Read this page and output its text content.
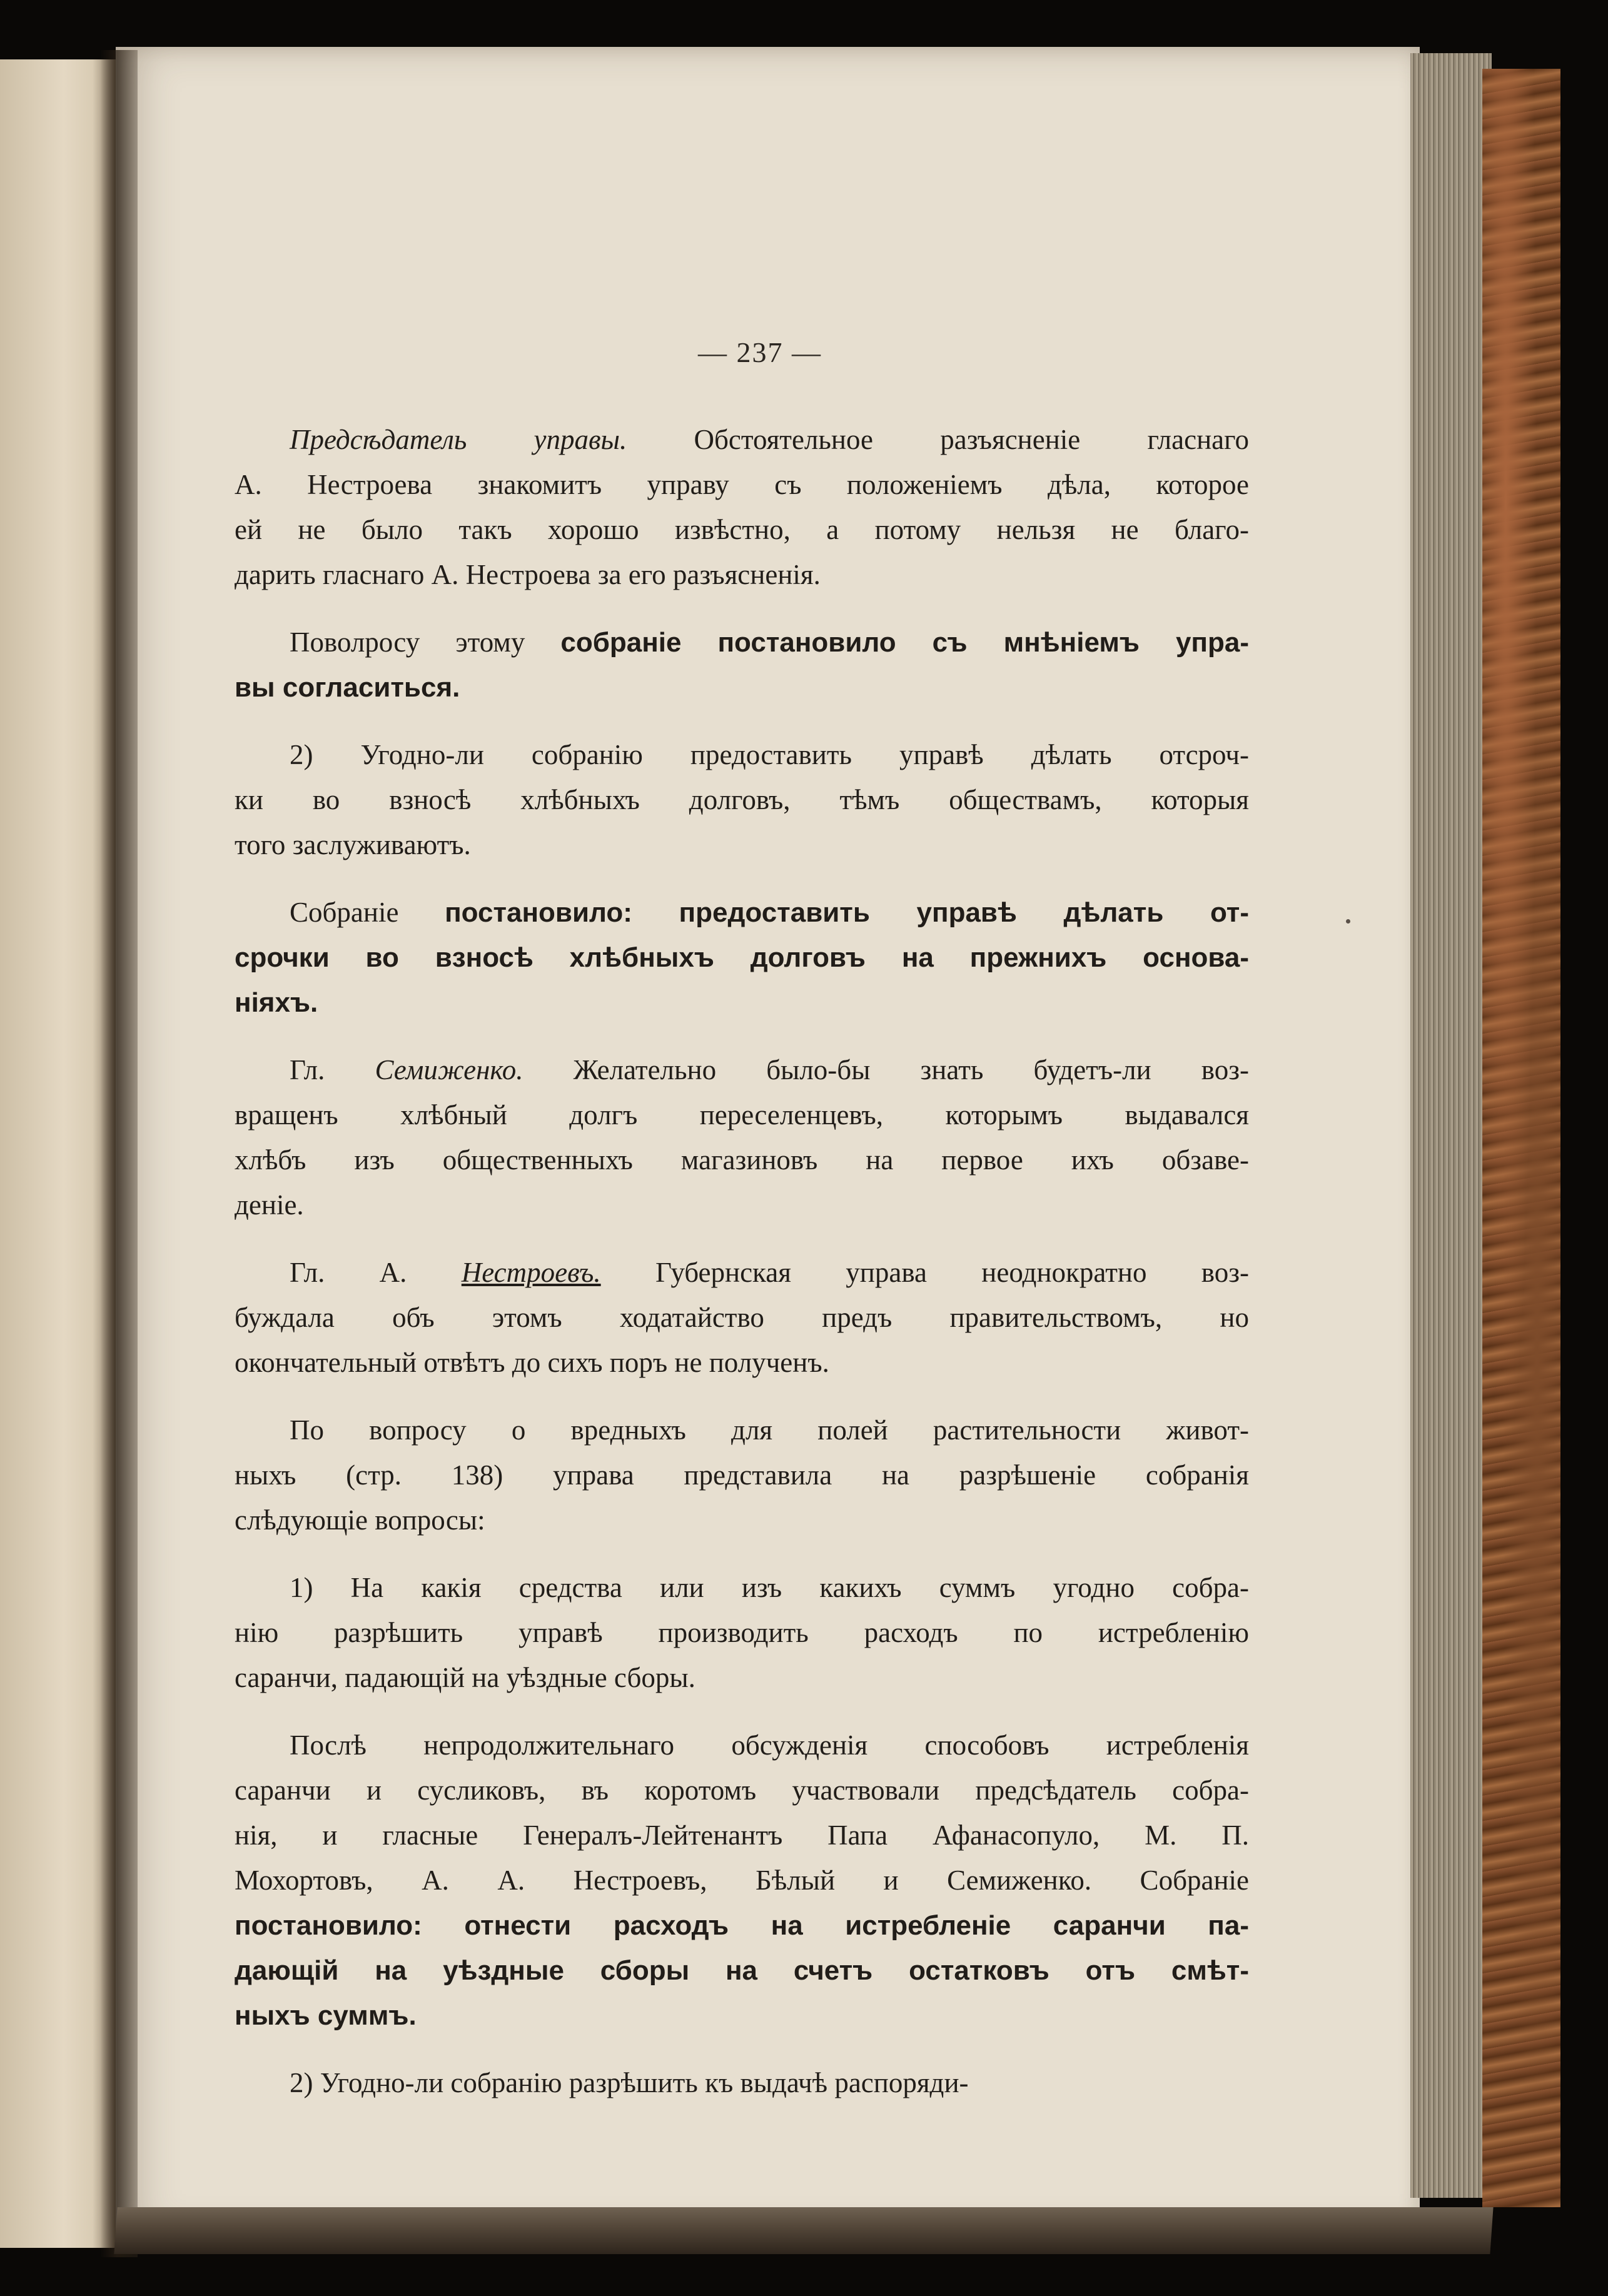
— 237 —

Предсѣдатель управы. Обстоятельное разъясненіе гласнаго
А. Нестроева знакомитъ управу съ положеніемъ дѣла, которое
ей не было такъ хорошо извѣстно, а потому нельзя не благо-
дарить гласнаго А. Нестроева за его разъясненія.

Поволросу этому собраніе постановило съ мнѣніемъ упра-
вы согласиться.

2) Угодно-ли собранію предоставить управѣ дѣлать отсроч-
ки во взносѣ хлѣбныхъ долговъ, тѣмъ обществамъ, которыя
того заслуживаютъ.

Собраніе постановило: предоставить управѣ дѣлать от-
срочки во взносѣ хлѣбныхъ долговъ на прежнихъ основа-
ніяхъ.

Гл. Семиженко. Желательно было-бы знать будетъ-ли воз-
вращенъ хлѣбный долгъ переселенцевъ, которымъ выдавался
хлѣбъ изъ общественныхъ магазиновъ на первое ихъ обзаве-
деніе.

Гл. А. Нестроевъ. Губернская управа неоднократно воз-
буждала объ этомъ ходатайство предъ правительствомъ, но
окончательный отвѣтъ до сихъ поръ не полученъ.

По вопросу о вредныхъ для полей растительности живот-
ныхъ (стр. 138) управа представила на разрѣшеніе собранія
слѣдующіе вопросы:

1) На какія средства или изъ какихъ суммъ угодно собра-
нію разрѣшить управѣ производить расходъ по истребленію
саранчи, падающій на уѣздные сборы.

Послѣ непродолжительнаго обсужденія способовъ истребленія
саранчи и сусликовъ, въ коротомъ участвовали предсѣдатель собра-
нія, и гласные Генералъ-Лейтенантъ Папа Афанасопуло, М. П.
Мохортовъ, А. А. Нестроевъ, Бѣлый и Семиженко. Собраніе
постановило: отнести расходъ на истребленіе саранчи па-
дающій на уѣздные сборы на счетъ остатковъ отъ смѣт-
ныхъ суммъ.

2) Угодно-ли собранію разрѣшить къ выдачѣ распоряди-
